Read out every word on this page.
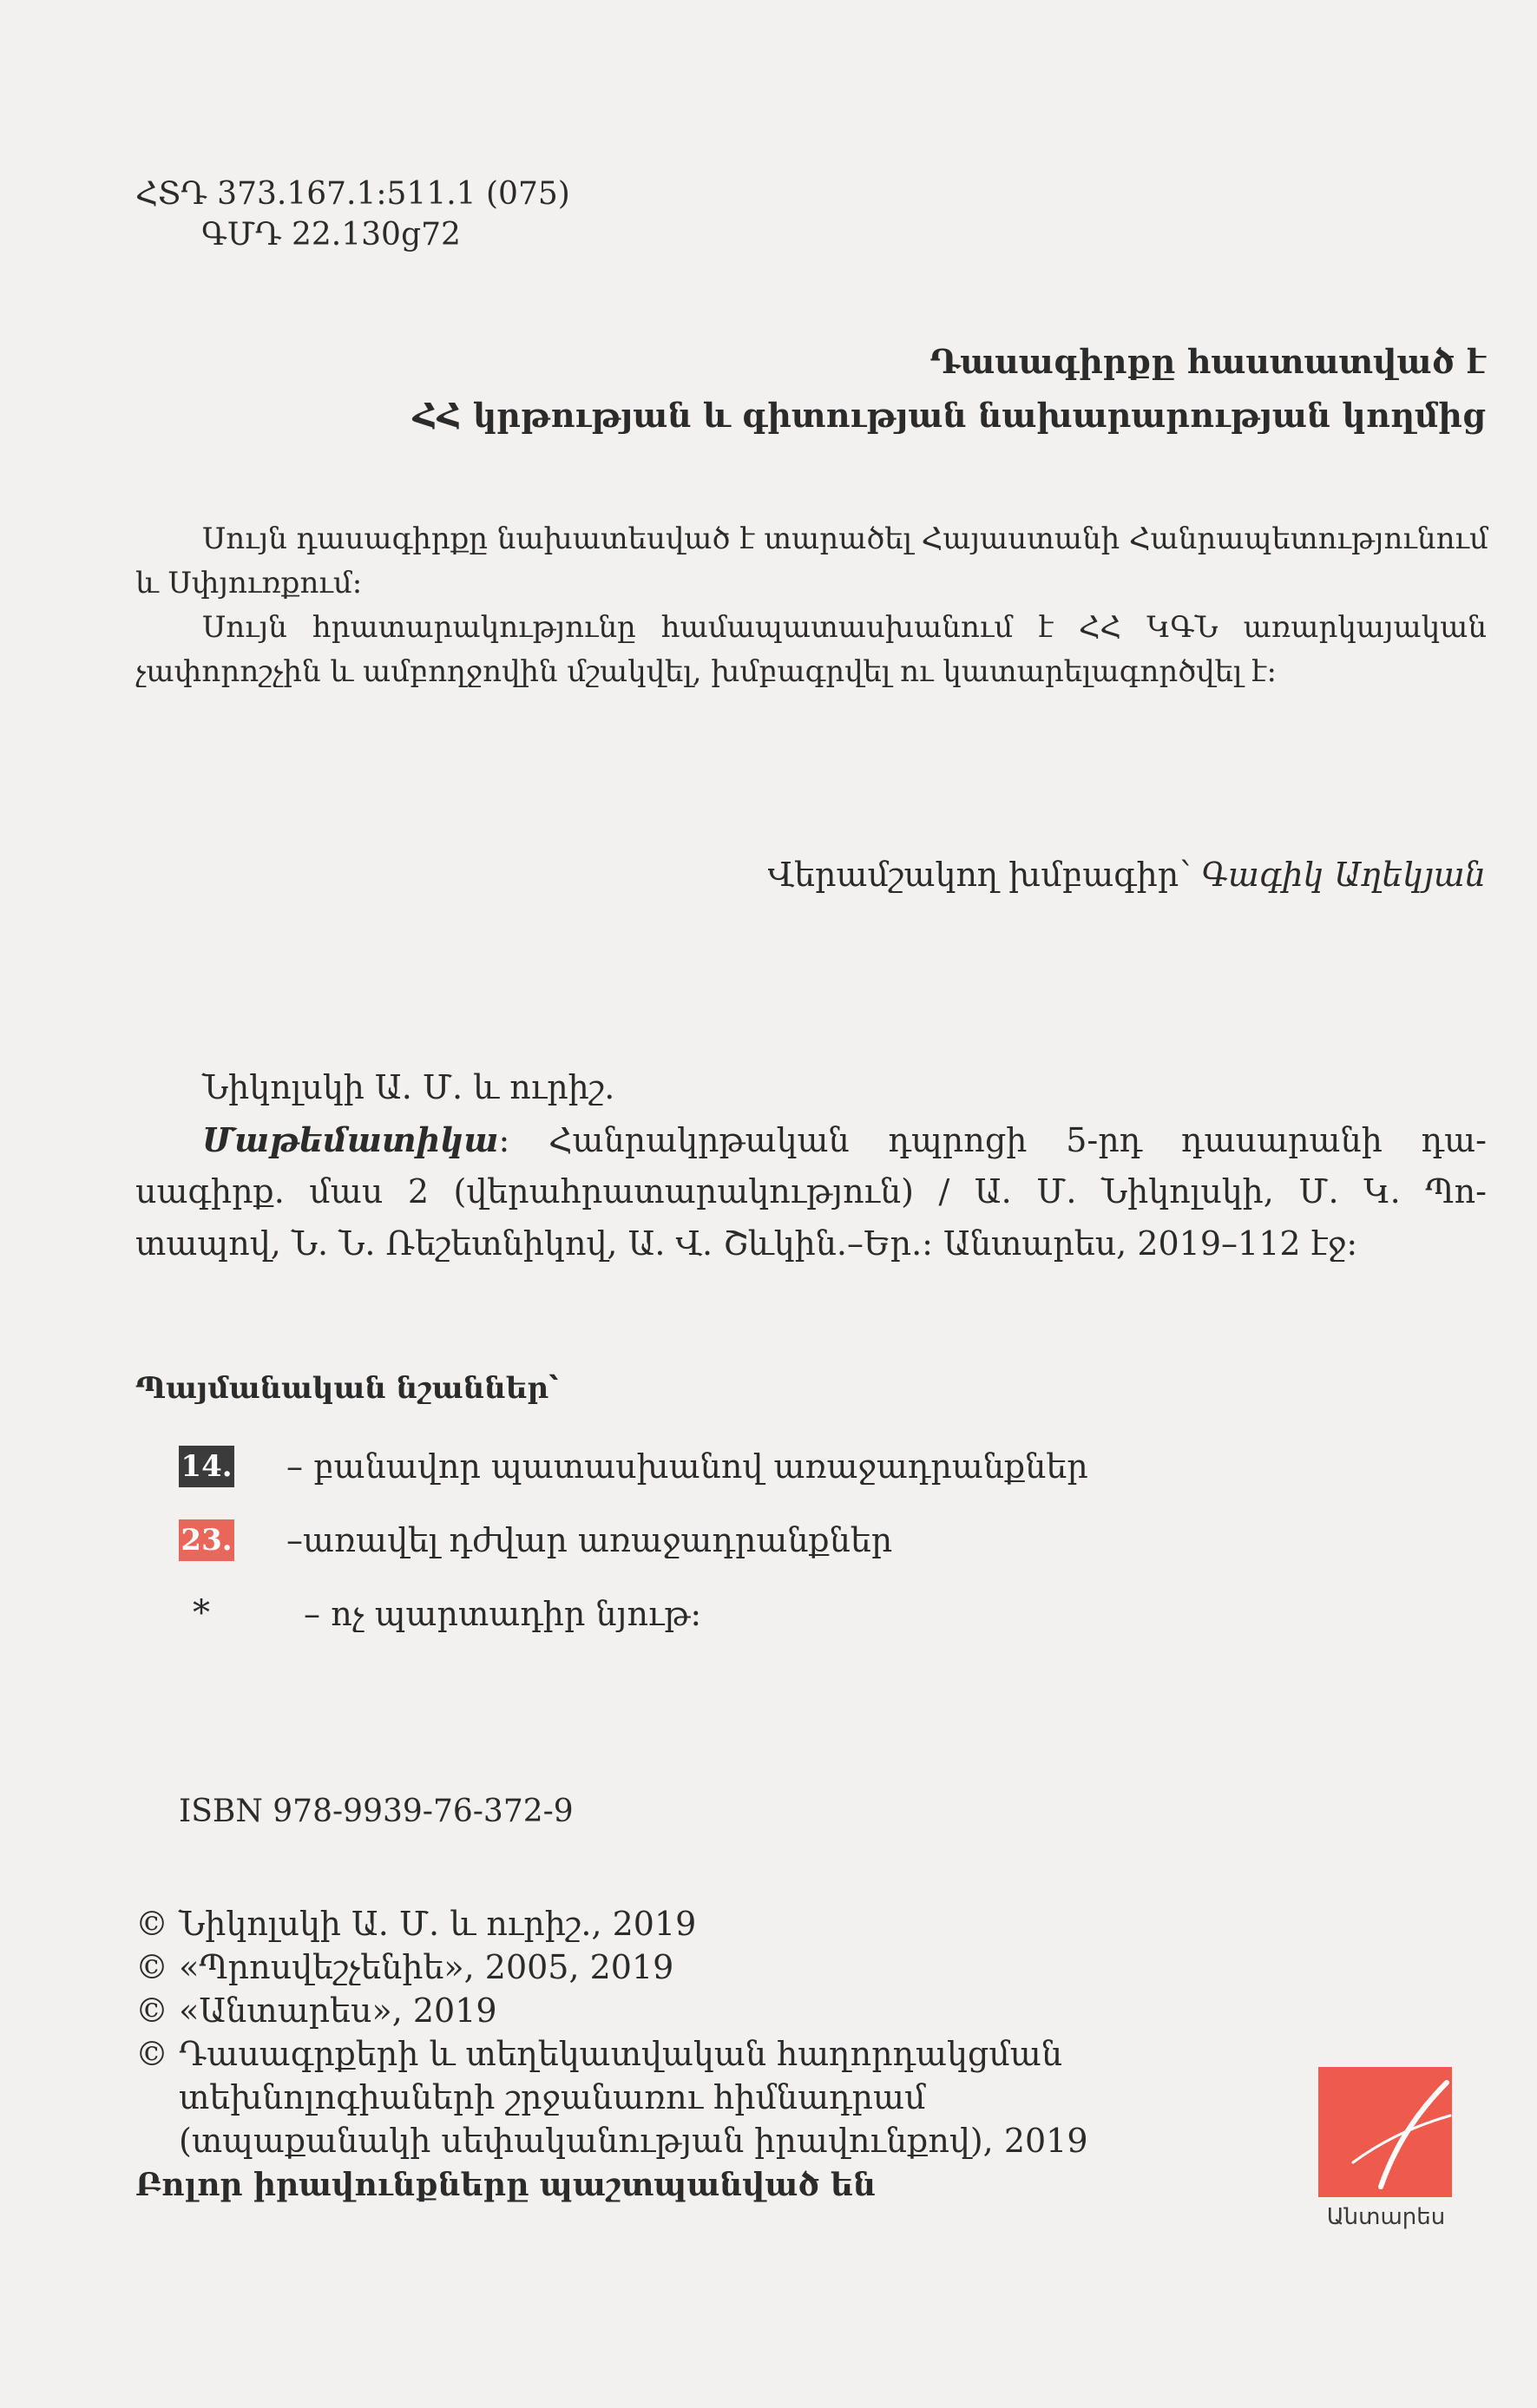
ՀՏԴ 373.167.1:511.1 (075)
ԳՄԴ 22.130ց72
Դասագիրքը հաստատված է
ՀՀ կրթության և գիտության նախարարության կողմից
Սույն դասագիրքը նախատեսված է տարածել Հայաստանի Հանրապետությունում
և Սփյուռքում:
Սույն հրատարակությունը համապատասխանում է ՀՀ ԿԳՆ առարկայական
չափորոշչին և ամբողջովին մշակվել, խմբագրվել ու կատարելագործվել է:
Վերամշակող խմբագիր՝ Գագիկ Աղեկյան
Նիկոլսկի Ա. Մ. և ուրիշ.
Մաթեմատիկա: Հանրակրթական դպրոցի 5-րդ դասարանի դա-
սագիրք. մաս 2 (վերահրատարակություն) / Ա. Մ. Նիկոլսկի, Մ. Կ. Պո-
տապով, Ն. Ն. Ռեշետնիկով, Ա. Վ. Շևկին.–Եր.: Անտարես, 2019–112 էջ:
Պայմանական նշաններ՝
14. – բանավոր պատասխանով առաջադրանքներ
23. –առավել դժվար առաջադրանքներ
*	– ոչ պարտադիր նյութ:
ISBN 978-9939-76-372-9
© Նիկոլսկի Ա. Մ. և ուրիշ., 2019
© «Պրոսվեշչենիե», 2005, 2019
© «Անտարես», 2019
© Դասագրքերի և տեղեկատվական հաղորդակցման
տեխնոլոգիաների շրջանառու հիմնադրամ
(տպաքանակի սեփականության իրավունքով), 2019
Բոլոր իրավունքները պաշտպանված են
Անտարես
